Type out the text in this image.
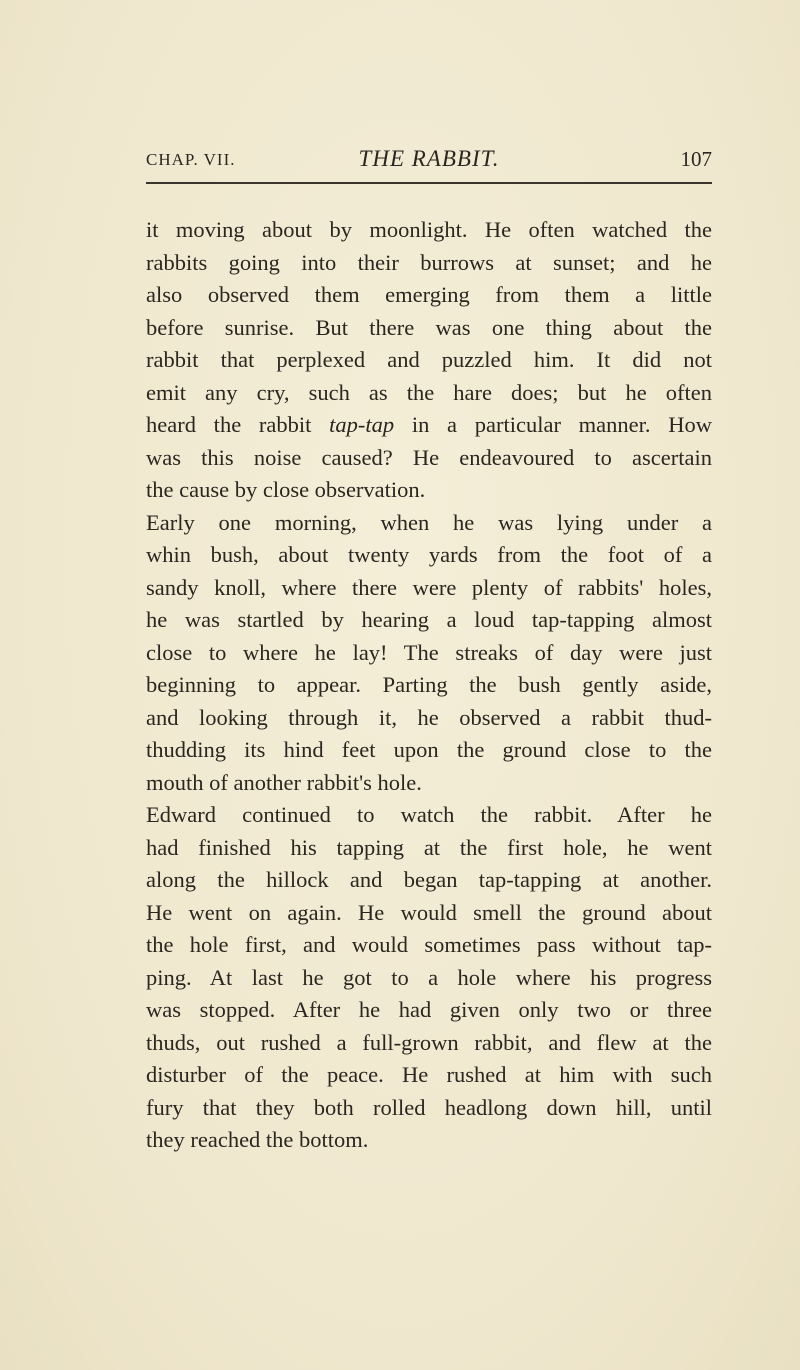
CHAP. VII.	THE RABBIT.	107
it moving about by moonlight. He often watched the
rabbits going into their burrows at sunset; and he
also observed them emerging from them a little
before sunrise. But there was one thing about the
rabbit that perplexed and puzzled him. It did not
emit any cry, such as the hare does; but he often
heard the rabbit tap-tap in a particular manner. How
was this noise caused? He endeavoured to ascertain
the cause by close observation.
Early one morning, when he was lying under a
whin bush, about twenty yards from the foot of a
sandy knoll, where there were plenty of rabbits' holes,
he was startled by hearing a loud tap-tapping almost
close to where he lay! The streaks of day were just
beginning to appear. Parting the bush gently aside,
and looking through it, he observed a rabbit thud-
thudding its hind feet upon the ground close to the
mouth of another rabbit's hole.
Edward continued to watch the rabbit. After he
had finished his tapping at the first hole, he went
along the hillock and began tap-tapping at another.
He went on again. He would smell the ground about
the hole first, and would sometimes pass without tap-
ping. At last he got to a hole where his progress
was stopped. After he had given only two or three
thuds, out rushed a full-grown rabbit, and flew at the
disturber of the peace. He rushed at him with such
fury that they both rolled headlong down hill, until
they reached the bottom.
